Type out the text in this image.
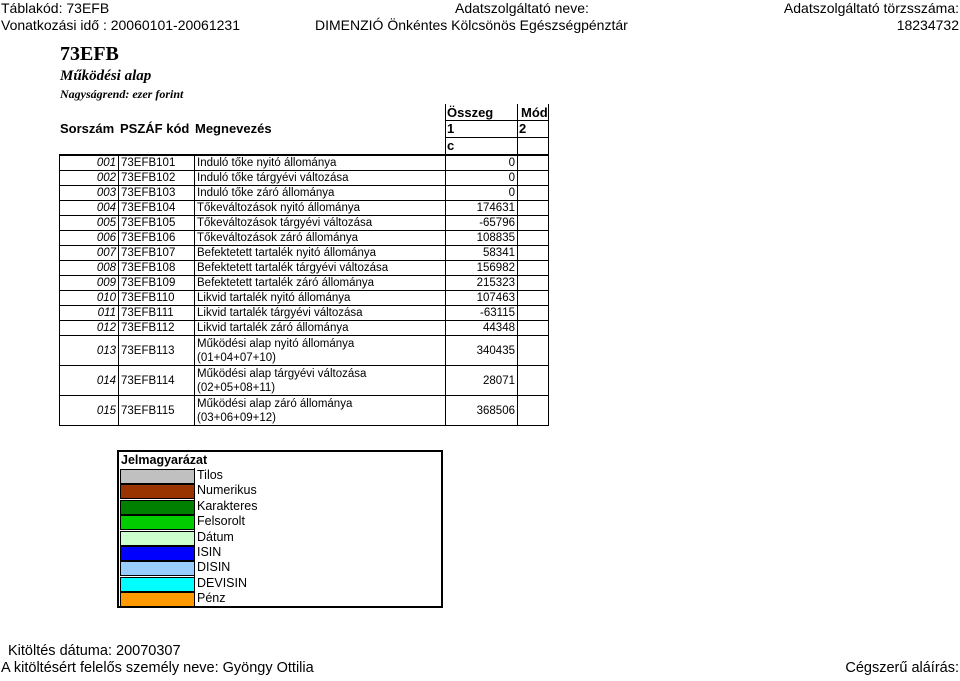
Táblakód: 73EFB	Adatszolgáltató neve:	Adatszolgáltató törzsszáma:
Vonatkozási idő : 20060101-20061231	DIMENZIÓ Önkéntes Kölcsönös Egészségpénztár	18234732
73EFB
Működési alap
Nagyságrend: ezer forint
Sorszám PSZÁF kód Megnevezés
Összeg Mód
1	2
c
001	73EFB101	Induló tőke nyitó állománya	0	
002	73EFB102	Induló tőke tárgyévi változása	0	
003	73EFB103	Induló tőke záró állománya	0	
004	73EFB104	Tőkeváltozások nyitó állománya	174631	
005	73EFB105	Tőkeváltozások tárgyévi változása	-65796	
006	73EFB106	Tőkeváltozások záró állománya	108835	
007	73EFB107	Befektetett tartalék nyitó állománya	58341	
008	73EFB108	Befektetett tartalék tárgyévi változása	156982	
009	73EFB109	Befektetett tartalék záró állománya	215323	
010	73EFB110	Likvid tartalék nyitó állománya	107463	
011	73EFB111	Likvid tartalék tárgyévi változása	-63115	
012	73EFB112	Likvid tartalék záró állománya	44348	
013	73EFB113	Működési alap nyitó állománya
(01+04+07+10)	340435	
014	73EFB114	Működési alap tárgyévi változása
(02+05+08+11)	28071	
015	73EFB115	Működési alap záró állománya
(03+06+09+12)	368506	
Jelmagyarázat
Tilos
Numerikus
Karakteres
Felsorolt
Dátum
ISIN
DISIN
DEVISIN
Pénz
Kitöltés dátuma: 20070307
A kitöltésért felelős személy neve: Gyöngy Ottilia	Cégszerű aláírás:
